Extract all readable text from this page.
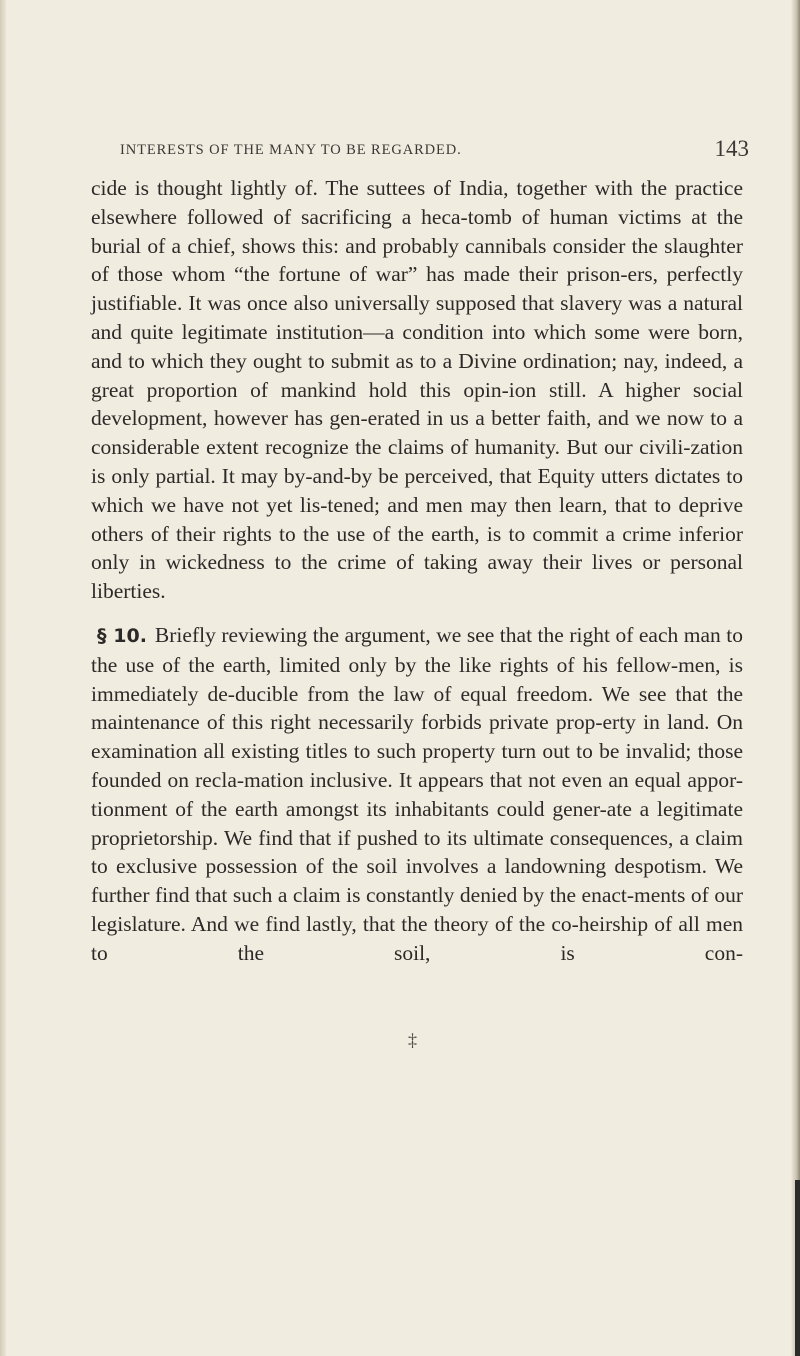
INTERESTS OF THE MANY TO BE REGARDED.	143

cide is thought lightly of. The suttees of India, together with the practice elsewhere followed of sacrificing a heca-tomb of human victims at the burial of a chief, shows this: and probably cannibals consider the slaughter of those whom “the fortune of war” has made their prison-ers, perfectly justifiable. It was once also universally supposed that slavery was a natural and quite legitimate institution—a condition into which some were born, and to which they ought to submit as to a Divine ordination; nay, indeed, a great proportion of mankind hold this opin-ion still. A higher social development, however has gen-erated in us a better faith, and we now to a considerable extent recognize the claims of humanity. But our civili-zation is only partial. It may by-and-by be perceived, that Equity utters dictates to which we have not yet lis-tened; and men may then learn, that to deprive others of their rights to the use of the earth, is to commit a crime inferior only in wickedness to the crime of taking away their lives or personal liberties.

§ 10. Briefly reviewing the argument, we see that the right of each man to the use of the earth, limited only by the like rights of his fellow-men, is immediately de-ducible from the law of equal freedom. We see that the maintenance of this right necessarily forbids private prop-erty in land. On examination all existing titles to such property turn out to be invalid; those founded on recla-mation inclusive. It appears that not even an equal appor-tionment of the earth amongst its inhabitants could gener-ate a legitimate proprietorship. We find that if pushed to its ultimate consequences, a claim to exclusive possession of the soil involves a landowning despotism. We further find that such a claim is constantly denied by the enact-ments of our legislature. And we find lastly, that the theory of the co-heirship of all men to the soil, is con-

‡
